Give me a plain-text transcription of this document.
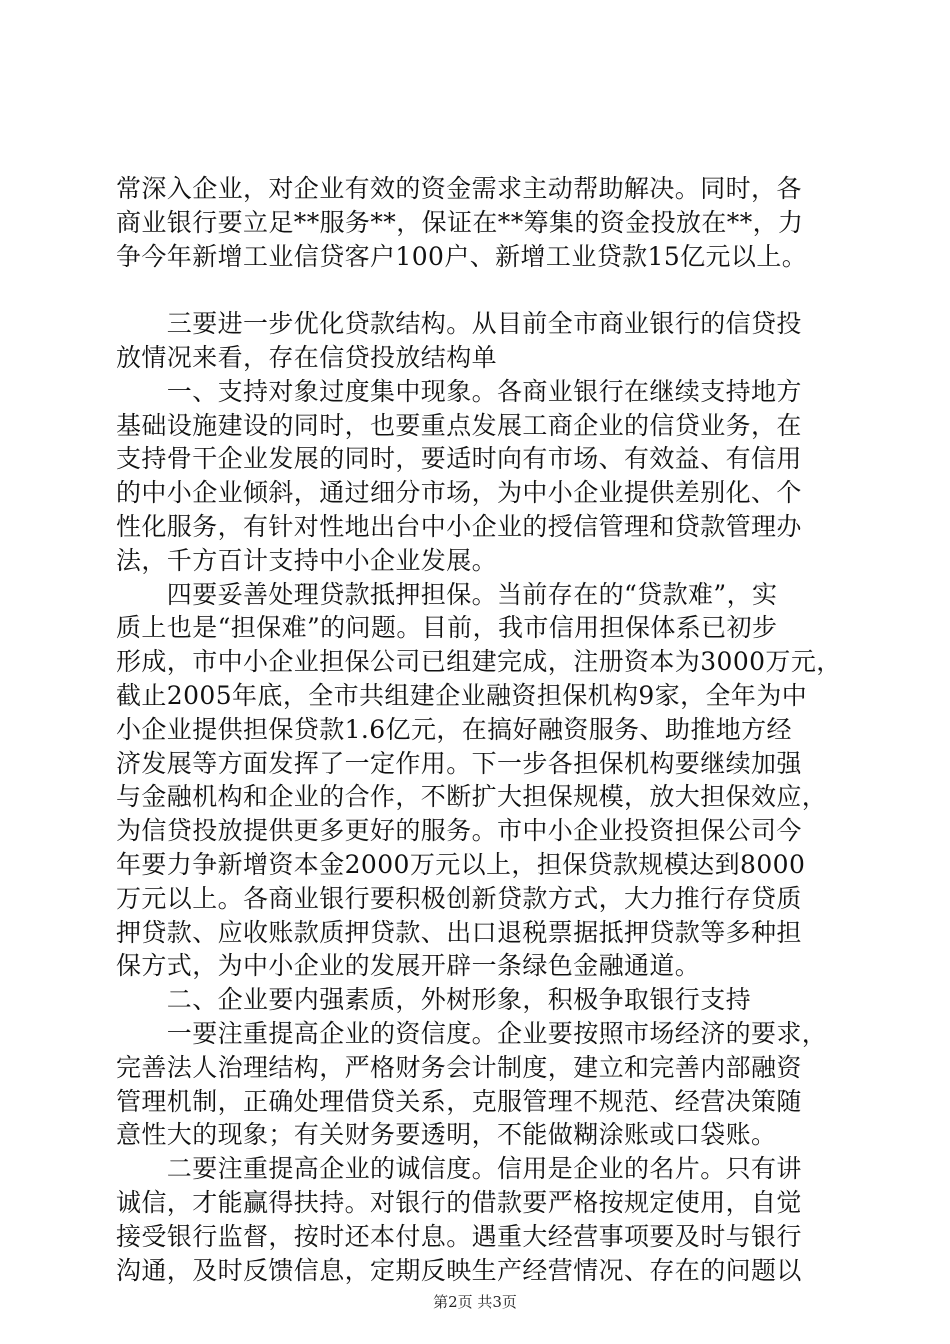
常深入企业，对企业有效的资金需求主动帮助解决。同时，各
商业银行要立足**服务**，保证在**筹集的资金投放在**，力
争今年新增工业信贷客户100户、新增工业贷款15亿元以上。
　　三要进一步优化贷款结构。从目前全市商业银行的信贷投
放情况来看，存在信贷投放结构单
　　一、支持对象过度集中现象。各商业银行在继续支持地方
基础设施建设的同时，也要重点发展工商企业的信贷业务，在
支持骨干企业发展的同时，要适时向有市场、有效益、有信用
的中小企业倾斜，通过细分市场，为中小企业提供差别化、个
性化服务，有针对性地出台中小企业的授信管理和贷款管理办
法，千方百计支持中小企业发展。
　　四要妥善处理贷款抵押担保。当前存在的“贷款难”，实
质上也是“担保难”的问题。目前，我市信用担保体系已初步
形成，市中小企业担保公司已组建完成，注册资本为3000万元，
截止2005年底，全市共组建企业融资担保机构9家，全年为中
小企业提供担保贷款1.6亿元，在搞好融资服务、助推地方经
济发展等方面发挥了一定作用。下一步各担保机构要继续加强
与金融机构和企业的合作，不断扩大担保规模，放大担保效应，
为信贷投放提供更多更好的服务。市中小企业投资担保公司今
年要力争新增资本金2000万元以上，担保贷款规模达到8000
万元以上。各商业银行要积极创新贷款方式，大力推行存贷质
押贷款、应收账款质押贷款、出口退税票据抵押贷款等多种担
保方式，为中小企业的发展开辟一条绿色金融通道。
　　二、企业要内强素质，外树形象，积极争取银行支持
　　一要注重提高企业的资信度。企业要按照市场经济的要求，
完善法人治理结构，严格财务会计制度，建立和完善内部融资
管理机制，正确处理借贷关系，克服管理不规范、经营决策随
意性大的现象；有关财务要透明，不能做糊涂账或口袋账。
　　二要注重提高企业的诚信度。信用是企业的名片。只有讲
诚信，才能赢得扶持。对银行的借款要严格按规定使用，自觉
接受银行监督，按时还本付息。遇重大经营事项要及时与银行
沟通，及时反馈信息，定期反映生产经营情况、存在的问题以
第2页 共3页
